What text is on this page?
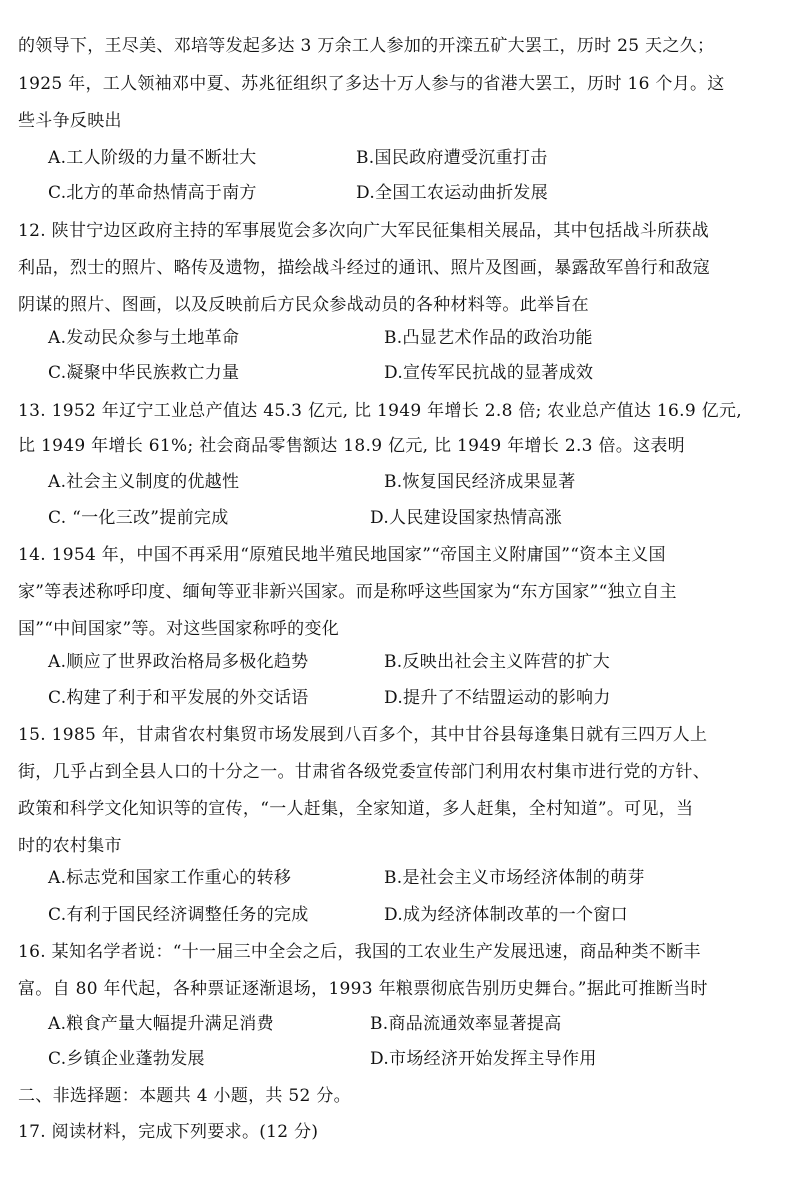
的领导下，王尽美、邓培等发起多达 3 万余工人参加的开滦五矿大罢工，历时 25 天之久；
1925 年，工人领袖邓中夏、苏兆征组织了多达十万人参与的省港大罢工，历时 16 个月。这
些斗争反映出
A.工人阶级的力量不断壮大	B.国民政府遭受沉重打击
C.北方的革命热情高于南方	D.全国工农运动曲折发展
12. 陕甘宁边区政府主持的军事展览会多次向广大军民征集相关展品，其中包括战斗所获战
利品，烈士的照片、略传及遗物，描绘战斗经过的通讯、照片及图画，暴露敌军兽行和敌寇
阴谋的照片、图画，以及反映前后方民众参战动员的各种材料等。此举旨在
A.发动民众参与土地革命	B.凸显艺术作品的政治功能
C.凝聚中华民族救亡力量	D.宣传军民抗战的显著成效
13. 1952 年辽宁工业总产值达 45.3 亿元, 比 1949 年增长 2.8 倍; 农业总产值达 16.9 亿元,
比 1949 年增长 61%; 社会商品零售额达 18.9 亿元, 比 1949 年增长 2.3 倍。这表明
A.社会主义制度的优越性	B.恢复国民经济成果显著
C. “一化三改”提前完成	D.人民建设国家热情高涨
14. 1954 年，中国不再采用“原殖民地半殖民地国家”“帝国主义附庸国”“资本主义国
家”等表述称呼印度、缅甸等亚非新兴国家。而是称呼这些国家为“东方国家”“独立自主
国”“中间国家”等。对这些国家称呼的变化
A.顺应了世界政治格局多极化趋势	B.反映出社会主义阵营的扩大
C.构建了利于和平发展的外交话语	D.提升了不结盟运动的影响力
15. 1985 年，甘肃省农村集贸市场发展到八百多个，其中甘谷县每逢集日就有三四万人上
街，几乎占到全县人口的十分之一。甘肃省各级党委宣传部门利用农村集市进行党的方针、
政策和科学文化知识等的宣传，“一人赶集，全家知道，多人赶集，全村知道”。可见，当
时的农村集市
A.标志党和国家工作重心的转移	B.是社会主义市场经济体制的萌芽
C.有利于国民经济调整任务的完成	D.成为经济体制改革的一个窗口
16. 某知名学者说：“十一届三中全会之后，我国的工农业生产发展迅速，商品种类不断丰
富。自 80 年代起，各种票证逐渐退场，1993 年粮票彻底告别历史舞台。”据此可推断当时
A.粮食产量大幅提升满足消费	B.商品流通效率显著提高
C.乡镇企业蓬勃发展	D.市场经济开始发挥主导作用
二、非选择题：本题共 4 小题，共 52 分。
17. 阅读材料，完成下列要求。(12 分)
